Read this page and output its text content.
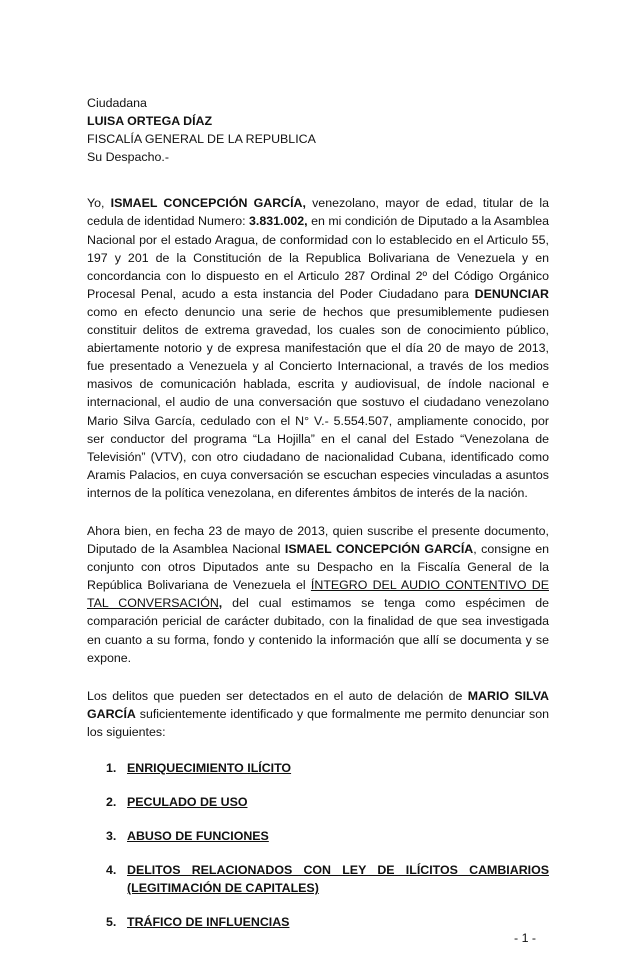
Ciudadana
LUISA ORTEGA DÍAZ
FISCALÍA GENERAL DE LA REPUBLICA
Su Despacho.-

Yo, ISMAEL CONCEPCIÓN GARCÍA, venezolano, mayor de edad, titular de la cedula de identidad Numero: 3.831.002, en mi condición de Diputado a la Asamblea Nacional por el estado Aragua, de conformidad con lo establecido en el Articulo 55, 197 y 201 de la Constitución de la Republica Bolivariana de Venezuela y en concordancia con lo dispuesto en el Articulo 287 Ordinal 2º del Código Orgánico Procesal Penal, acudo a esta instancia del Poder Ciudadano para DENUNCIAR como en efecto denuncio una serie de hechos que presumiblemente pudiesen constituir delitos de extrema gravedad, los cuales son de conocimiento público, abiertamente notorio y de expresa manifestación que el día 20 de mayo de 2013, fue presentado a Venezuela y al Concierto Internacional, a través de los medios masivos de comunicación hablada, escrita y audiovisual, de índole nacional e internacional, el audio de una conversación que sostuvo el ciudadano venezolano Mario Silva García, cedulado con el N° V.- 5.554.507, ampliamente conocido, por ser conductor del programa “La Hojilla” en el canal del Estado “Venezolana de Televisión” (VTV), con otro ciudadano de nacionalidad Cubana, identificado como Aramis Palacios, en cuya conversación se escuchan especies vinculadas a asuntos internos de la política venezolana, en diferentes ámbitos de interés de la nación.

Ahora bien, en fecha 23 de mayo de 2013, quien suscribe el presente documento, Diputado de la Asamblea Nacional ISMAEL CONCEPCIÓN GARCÍA, consigne en conjunto con otros Diputados ante su Despacho en la Fiscalía General de la República Bolivariana de Venezuela el ÍNTEGRO DEL AUDIO CONTENTIVO DE TAL CONVERSACIÓN, del cual estimamos se tenga como espécimen de comparación pericial de carácter dubitado, con la finalidad de que sea investigada en cuanto a su forma, fondo y contenido la información que allí se documenta y se expone.

Los delitos que pueden ser detectados en el auto de delación de MARIO SILVA GARCÍA suficientemente identificado y que formalmente me permito denunciar son los siguientes:

1. ENRIQUECIMIENTO ILÍCITO
2. PECULADO DE USO
3. ABUSO DE FUNCIONES
4. DELITOS RELACIONADOS CON LEY DE ILÍCITOS CAMBIARIOS (LEGITIMACIÓN DE CAPITALES)
5. TRÁFICO DE INFLUENCIAS
- 1 -
